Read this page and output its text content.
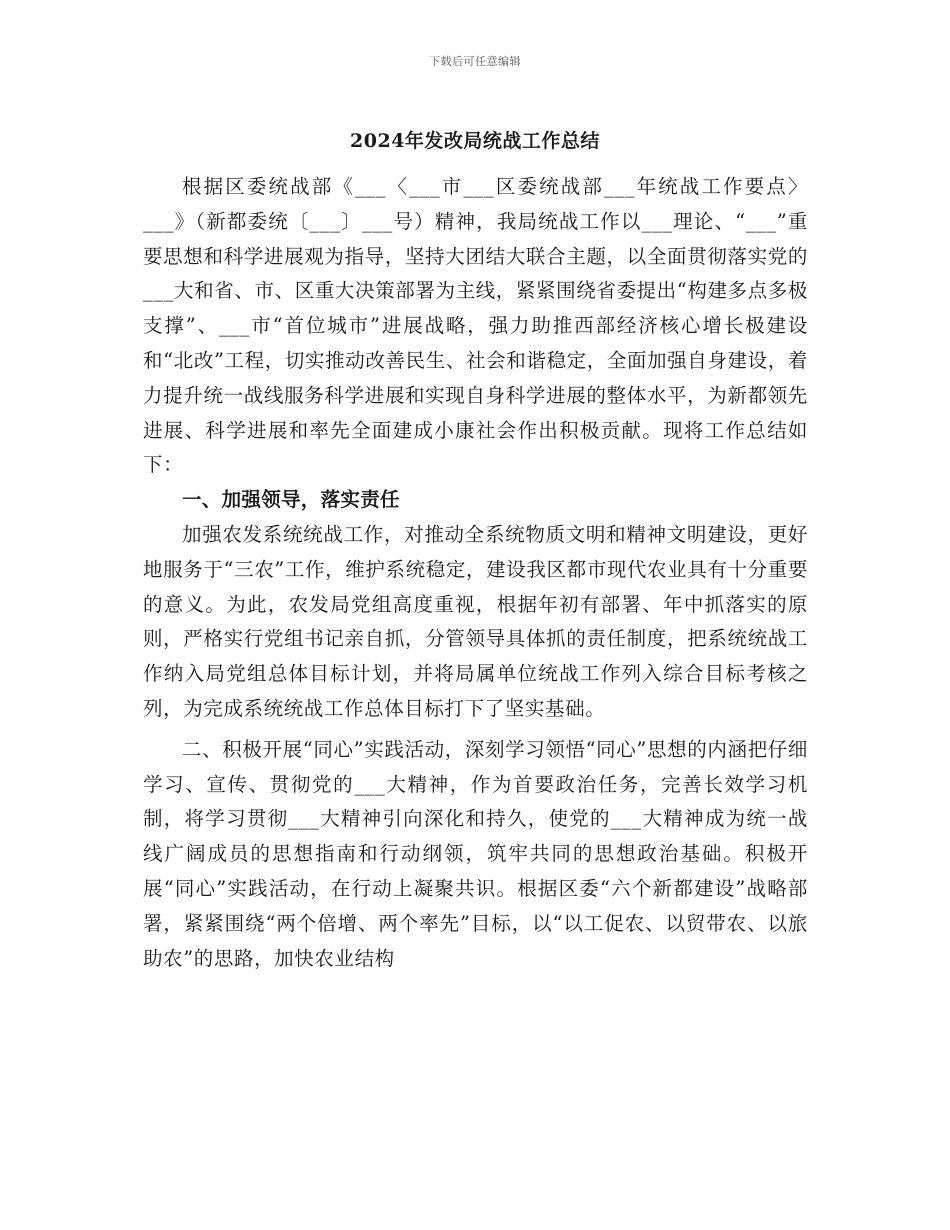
下载后可任意编辑
2024年发改局统战工作总结

根据区委统战部《___〈___市___区委统战部___年统战工作要点〉___》（新都委统〔___〕___号）精神，我局统战工作以___理论、“___”重要思想和科学进展观为指导，坚持大团结大联合主题，以全面贯彻落实党的___大和省、市、区重大决策部署为主线，紧紧围绕省委提出“构建多点多极支撑”、___市“首位城市”进展战略，强力助推西部经济核心增长极建设和“北改”工程，切实推动改善民生、社会和谐稳定，全面加强自身建设，着力提升统一战线服务科学进展和实现自身科学进展的整体水平，为新都领先进展、科学进展和率先全面建成小康社会作出积极贡献。现将工作总结如下：

一、加强领导，落实责任

加强农发系统统战工作，对推动全系统物质文明和精神文明建设，更好地服务于“三农”工作，维护系统稳定，建设我区都市现代农业具有十分重要的意义。为此，农发局党组高度重视，根据年初有部署、年中抓落实的原则，严格实行党组书记亲自抓，分管领导具体抓的责任制度，把系统统战工作纳入局党组总体目标计划，并将局属单位统战工作列入综合目标考核之列，为完成系统统战工作总体目标打下了坚实基础。

二、积极开展“同心”实践活动，深刻学习领悟“同心”思想的内涵把仔细学习、宣传、贯彻党的___大精神，作为首要政治任务，完善长效学习机制，将学习贯彻___大精神引向深化和持久，使党的___大精神成为统一战线广阔成员的思想指南和行动纲领，筑牢共同的思想政治基础。积极开展“同心”实践活动，在行动上凝聚共识。根据区委“六个新都建设”战略部署，紧紧围绕“两个倍增、两个率先”目标，以“以工促农、以贸带农、以旅助农”的思路，加快农业结构
